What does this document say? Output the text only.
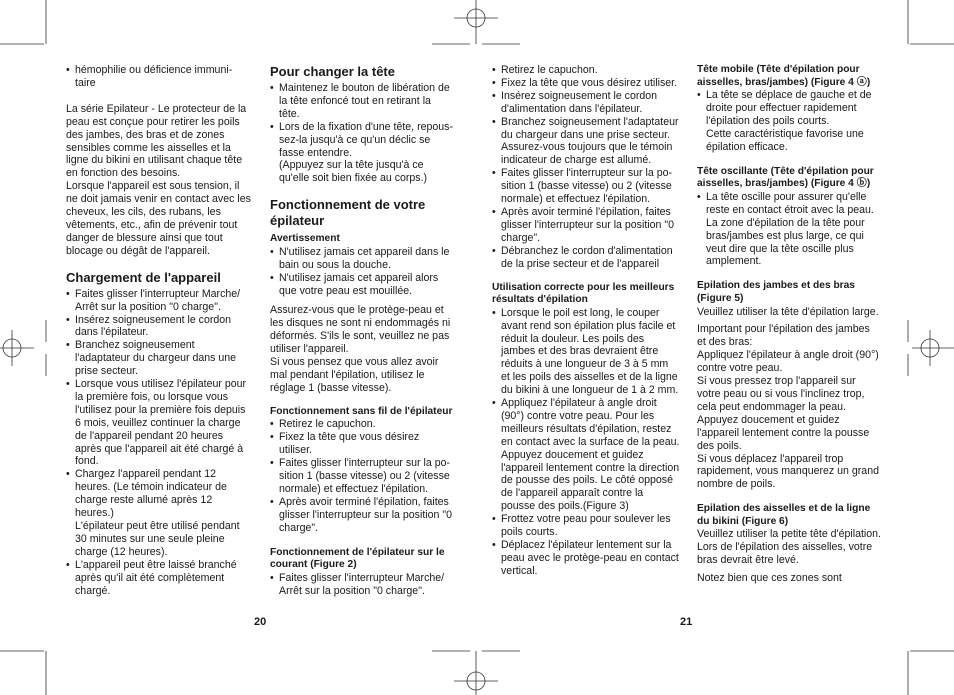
• hémophilie ou déficience immuni-taire

La série Epilateur - Le protecteur de la peau est conçue pour retirer les poils des jambes, des bras et de zones sensibles comme les aisselles et la ligne du bikini en utilisant chaque tête en fonction des besoins.

Lorsque l'appareil est sous tension, il ne doit jamais venir en contact avec les cheveux, les cils, des rubans, les vêtements, etc., afin de prévenir tout danger de blessure ainsi que tout blocage ou dégât de l'appareil.

Chargement de l'appareil

• Faites glisser l'interrupteur Marche/ Arrêt sur la position "0 charge".

• Insérez soigneusement le cordon dans l'épilateur.

• Branchez soigneusement l'adaptateur du chargeur dans une prise secteur.

• Lorsque vous utilisez l'épilateur pour la première fois, ou lorsque vous l'utilisez pour la première fois depuis 6 mois, veuillez continuer la charge de l'appareil pendant 20 heures après que l'appareil ait été chargé à fond.

• Chargez l'appareil pendant 12 heures. (Le témoin indicateur de charge reste allumé après 12 heures.)

L'épilateur peut être utilisé pendant 30 minutes sur une seule pleine charge (12 heures).

• L'appareil peut être laissé branché après qu'il ait été complètement chargé.

Pour changer la tête

• Maintenez le bouton de libération de la tête enfoncé tout en retirant la tête.

• Lors de la fixation d'une tête, repous-sez-la jusqu'à ce qu'un déclic se fasse entendre.

(Appuyez sur la tête jusqu'à ce qu'elle soit bien fixée au corps.)

Fonctionnement de votre épilateur
Avertissement

• N'utilisez jamais cet appareil dans le bain ou sous la douche.

• N'utilisez jamais cet appareil alors que votre peau est mouillée.

Assurez-vous que le protège-peau et les disques ne sont ni endommagés ni déformés. S'ils le sont, veuillez ne pas utiliser l'appareil.

Si vous pensez que vous allez avoir mal pendant l'épilation, utilisez le réglage 1 (basse vitesse).

Fonctionnement sans fil de l'épilateur

• Retirez le capuchon.

• Fixez la tête que vous désirez utiliser.

• Faites glisser l'interrupteur sur la po-sition 1 (basse vitesse) ou 2 (vitesse normale) et effectuez l'épilation.

• Après avoir terminé l'épilation, faites glisser l'interrupteur sur la position "0 charge".

Fonctionnement de l'épilateur sur le courant (Figure 2)

• Faites glisser l'interrupteur Marche/ Arrêt sur la position "0 charge".

• Retirez le capuchon.

• Fixez la tête que vous désirez utiliser.

• Insérez soigneusement le cordon d'alimentation dans l'épilateur.

• Branchez soigneusement l'adaptateur du chargeur dans une prise secteur. Assurez-vous toujours que le témoin indicateur de charge est allumé.

• Faites glisser l'interrupteur sur la po-sition 1 (basse vitesse) ou 2 (vitesse normale) et effectuez l'épilation.

• Après avoir terminé l'épilation, faites glisser l'interrupteur sur la position "0 charge".

• Débranchez le cordon d'alimentation de la prise secteur et de l'appareil

Utilisation correcte pour les meilleurs résultats d'épilation

• Lorsque le poil est long, le couper avant rend son épilation plus facile et réduit la douleur. Les poils des jambes et des bras devraient être réduits à une longueur de 3 à 5 mm et les poils des aisselles et de la ligne du bikini à une longueur de 1 à 2 mm.

• Appliquez l'épilateur à angle droit (90°) contre votre peau. Pour les meilleurs résultats d'épilation, restez en contact avec la surface de la peau. Appuyez doucement et guidez l'appareil lentement contre la direction de pousse des poils. Le côté opposé de l'appareil apparaît contre la pousse des poils.(Figure 3)

• Frottez votre peau pour soulever les poils courts.

• Déplacez l'épilateur lentement sur la peau avec le protège-peau en contact vertical.

Tête mobile (Tête d'épilation pour aisselles, bras/jambes) (Figure 4 ⓐ)

• La tête se déplace de gauche et de droite pour effectuer rapidement l'épilation des poils courts.

Cette caractéristique favorise une épilation efficace.

Tête oscillante (Tête d'épilation pour aisselles, bras/jambes) (Figure 4 ⓑ)

• La tête oscille pour assurer qu'elle reste en contact étroit avec la peau. La zone d'épilation de la tête pour bras/jambes est plus large, ce qui veut dire que la tête oscille plus amplement.

Epilation des jambes et des bras (Figure 5)

Veuillez utiliser la tête d'épilation large.

Important pour l'épilation des jambes et des bras:

Appliquez l'épilateur à angle droit (90°) contre votre peau.

Si vous pressez trop l'appareil sur votre peau ou si vous l'inclinez trop, cela peut endommager la peau.

Appuyez doucement et guidez l'appareil lentement contre la pousse des poils.

Si vous déplacez l'appareil trop rapidement, vous manquerez un grand nombre de poils.

Epilation des aisselles et de la ligne du bikini (Figure 6)

Veuillez utiliser la petite tête d'épilation. Lors de l'épilation des aisselles, votre bras devrait être levé.

Notez bien que ces zones sont

20	21
